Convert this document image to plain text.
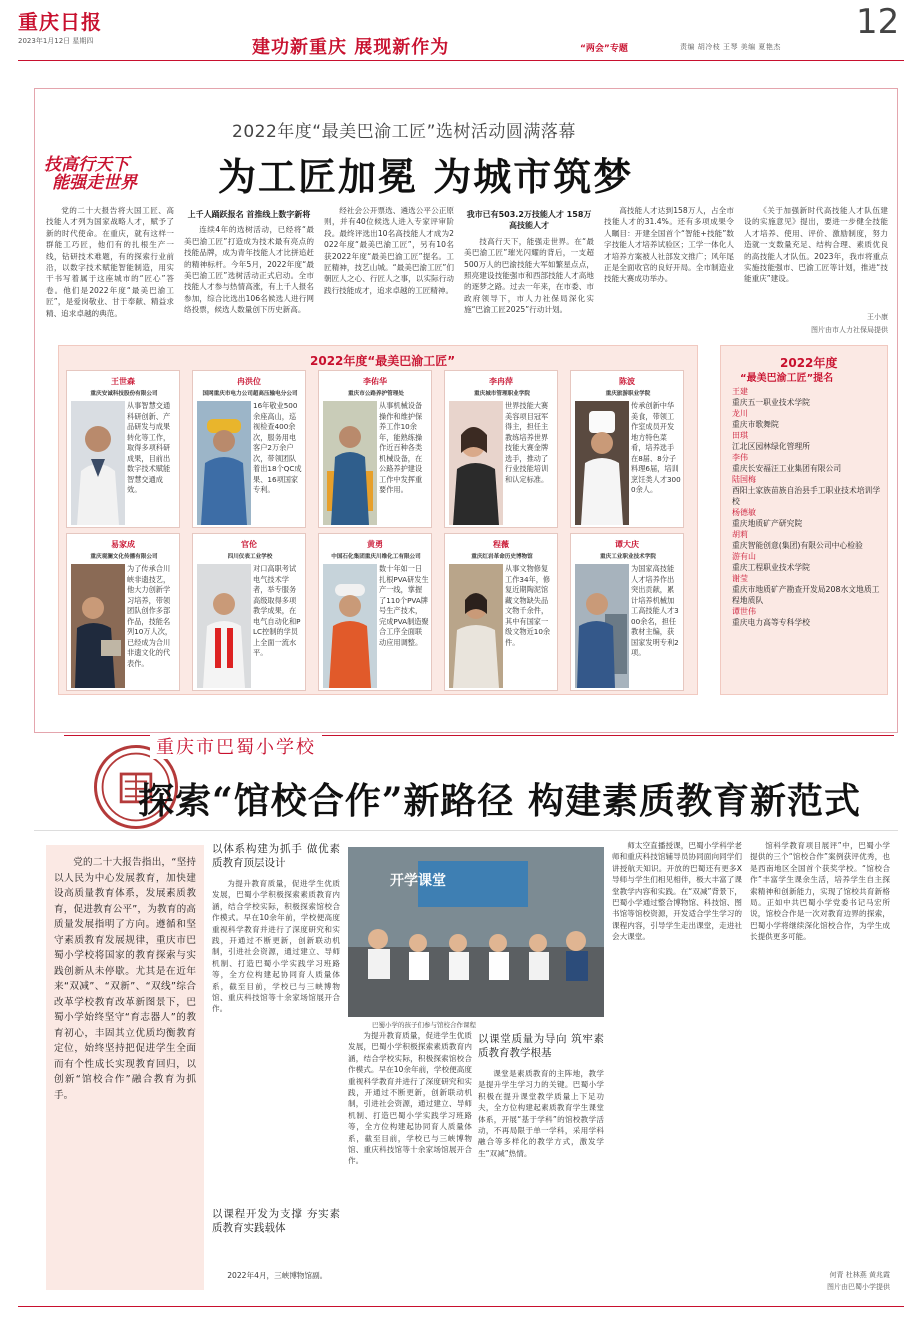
重庆日报
2023年1月12日 星期四	12
建功新重庆 展现新作为	“两会”专题	责编 胡冷枝 王琴 美编 夏艳杰
2022年度“最美巴渝工匠”选树活动圆满落幕
为工匠加冕 为城市筑梦
技高行天下
能强走世界

党的二十大报告将大国工匠、高技能人才列为国家战略人才，赋予了新的时代使命。在重庆，就有这样一群能工巧匠，他们有的扎根生产一线，钻研技术难题，有的探索行业前沿，以数字技术赋能智能制造，用实干书写着属于这座城市的“匠心”答卷。他们是2022年度“最美巴渝工匠”，是爱岗敬业、甘于奉献、精益求精、追求卓越的典范。

上千人踊跃报名 首推线上数字新将

连续4年的选树活动，已经将“最美巴渝工匠”打造成为技术最有亮点的技能品牌，成为青年技能人才比拼追赶的精神标杆。今年5月，2022年度“最美巴渝工匠”选树活动正式启动。全市技能人才参与热情高涨，有上千人报名参加，综合比选出106名候选人进行网络投票，候选人数量创下历史新高。

经社会公开票选、遴选公平公正原则，并有40位候选人进入专家评审阶段。最终评选出10名高技能人才成为2022年度“最美巴渝工匠”，另有10名获2022年度“最美巴渝工匠”提名。工匠精神，技艺山城。“最美巴渝工匠”们朝匠人之心、行匠人之事，以实际行动践行技能成才，追求卓越的工匠精神。

我市已有503.2万技能人才 158万高技能人才

技高行天下，能强走世界。在“最美巴渝工匠”璀光闪耀的背后，一支超500万人的巴渝技能大军如繁星点点，照亮建设技能强市和西部技能人才高地的逐梦之路。过去一年来，在市委、市政府领导下，市人力社保局深化实施“巴渝工匠2025”行动计划。

高技能人才达到158万人，占全市技能人才的31.4%。还有多项成果令人瞩目：开建全国首个“智能+技能”数字技能人才培养试验区；工学一体化人才培养方案被人社部发文推广；风年尾正是全面收官的良好开局。全市制造业技能大赛成功举办。

《关于加强新时代高技能人才队伍建设的实施意见》提出，要进一步健全技能人才培养、使用、评价、激励制度，努力造就一支数量充足、结构合理、素质优良的高技能人才队伍。2023年，我市将重点实施技能强市、巴渝工匠等计划，推进“技能重庆”建设。

王小康
图片由市人力社保局提供
2022年度“最美巴渝工匠”
王世森
重庆安诚科技股份有限公司
从事智慧交通科研创新、产品研发与成果转化等工作，取得多项科研成果，目前出数字技术赋能智慧交通成效。
冉洪位
国网重庆市电力公司超高压输电分公司
16年敬业500余座高山，巡视检查400余次，服务用电客户2万余户次，带领团队着出18个QC成果、16项国家专利。
李佑华
重庆市公路养护管理处
从事机械设备操作和维护保养工作10余年，能熟练操作近百种各类机械设备，在公路养护建设工作中发挥重要作用。
李冉萍
重庆城市管理职业学院
世界技能大赛美容项目冠军得主，担任主教练培养世界技能大赛金牌选手，推动了行业技能培训和认定标准。
陈波
重庆旅游职业学院
传承创新中华美食，带领工作室成员开发地方特色菜肴，培养选手在8届、8分子料理6届，培训烹饪类人才3000余人。
易家成
重庆观澜文化传播有限公司
为了传承合川峡非遗技艺，他大力创新学习培养，带领团队创作多部作品，技能名列10万人次，已经成为合川非遗文化的代表作。
官伦
四川仪表工业学校
对口高职考试电气技术学者，举专服务高级取得多项教学成果，在电气自动化和PLC控制的学员上全面一流水平。
黄勇
中国石化集团重庆川维化工有限公司
数十年如一日扎根PVA研发生产一线，掌握了110个PVA牌号生产技术，完成PVA制造聚合工序全面联动应用调整。
程薇
重庆红岩革命历史博物馆
从事文物修复工作34年，修复近期陶泥馆藏文物缺失品文物千余件，其中有国家一级文物近10余件。
谭大庆
重庆工业职业技术学院
为国家高技能人才培养作出突出贡献，累计培养机械加工高技能人才300余名，担任教材主编，获国家发明专利2项。
2022年度
“最美巴渝工匠”提名
王建
重庆五一职业技术学院
龙川
重庆市歌舞院
田琪
江北区园林绿化管理所
李伟
重庆长安福汪工业集团有限公司
陆国梅
酉阳土家族苗族自治县手工职业技术培训学校
杨德敏
重庆地质矿产研究院
胡莉
重庆智能创意(集团)有限公司中心检验
游有山
重庆工程职业技术学院
谢莹
重庆市地质矿产勘查开发局208水文地质工程地质队
谭世伟
重庆电力高等专科学校
重庆市巴蜀小学校
探索“馆校合作”新路径 构建素质教育新范式

党的二十大报告指出，“坚持以人民为中心发展教育，加快建设高质量教育体系，发展素质教育，促进教育公平”，为教育的高质量发展指明了方向。遵循和坚守素质教育发展规律，重庆市巴蜀小学校将国家的教育探索与实践创新从未停歇。尤其是在近年来“双减”、“双新”、“双线”综合改革学校教育改革新图景下，巴蜀小学始终坚守“育志器人”的教育初心，丰固其立优质均衡教育定位，始终坚持把促进学生全面而有个性成长实现教育回归，以创新“馆校合作”融合教育为抓手。

以体系构建为抓手 做优素质教育顶层设计

为提升教育质量，促进学生优质发展，巴蜀小学积极探索素质教育内涵，结合学校实际，积极探索馆校合作模式。早在10余年前，学校便高度重视科学教育并进行了深度研究和实践，开通过不断更新，创新联动机制，引进社会资源，通过建立、导师机制、打造巴蜀小学实践学习班路等，全方位构建起协同育人质量体系，截至目前，学校已与三峡博物馆、重庆科技馆等十余家场馆展开合作。

以课程开发为支撑 夯实素质教育实践载体

2022年4月，三峡博物馆副。

开学课堂
巴蜀小学的孩子们参与馆校合作课程

为提升教育质量，促进学生优质发展，巴蜀小学积极探索素质教育内涵，结合学校实际，积极探索馆校合作模式。早在10余年前，学校便高度重视科学教育并进行了深度研究和实践，开通过不断更新，创新联动机制，引进社会资源，通过建立、导师机制、打造巴蜀小学实践学习班路等，全方位构建起协同育人质量体系，截至目前，学校已与三峡博物馆、重庆科技馆等十余家场馆展开合作。

以课堂质量为导向 筑牢素质教育教学根基

课堂是素质教育的主阵地，教学是提升学生学习力的关键。巴蜀小学积极在提升课堂教学质量上下足功夫，全方位构建起素质教育学生课堂体系，开展“基于学科”的馆校教学活动，不再局限于单一学科，采用学科融合等多样化的教学方式，激发学生“双减”热情。

师太空直播授课，巴蜀小学科学老师和重庆科技馆辅导员协同面向同学们讲授航天知识。开放的巴蜀还有更多X导师与学生们相见相伴，极大丰富了课堂教学内容和实践。在“双减”背景下，巴蜀小学通过整合博物馆、科技馆、图书馆等馆校资源，开发适合学生学习的课程内容，引导学生走出课堂，走进社会大课堂。

馆科学教育项目展评”中，巴蜀小学提供的三个“馆校合作”案例获评优秀，也是西南地区全国首个获奖学校。“馆校合作”丰富学生课余生活，培养学生自主探索精神和创新能力，实现了馆校共育新格局。正如中共巴蜀小学党委书记马宏所说，馆校合作是一次对教育边界的探索，巴蜀小学将继续深化馆校合作，为学生成长提供更多可能。

何青 杜林燕 黄兆霞
图片由巴蜀小学提供
